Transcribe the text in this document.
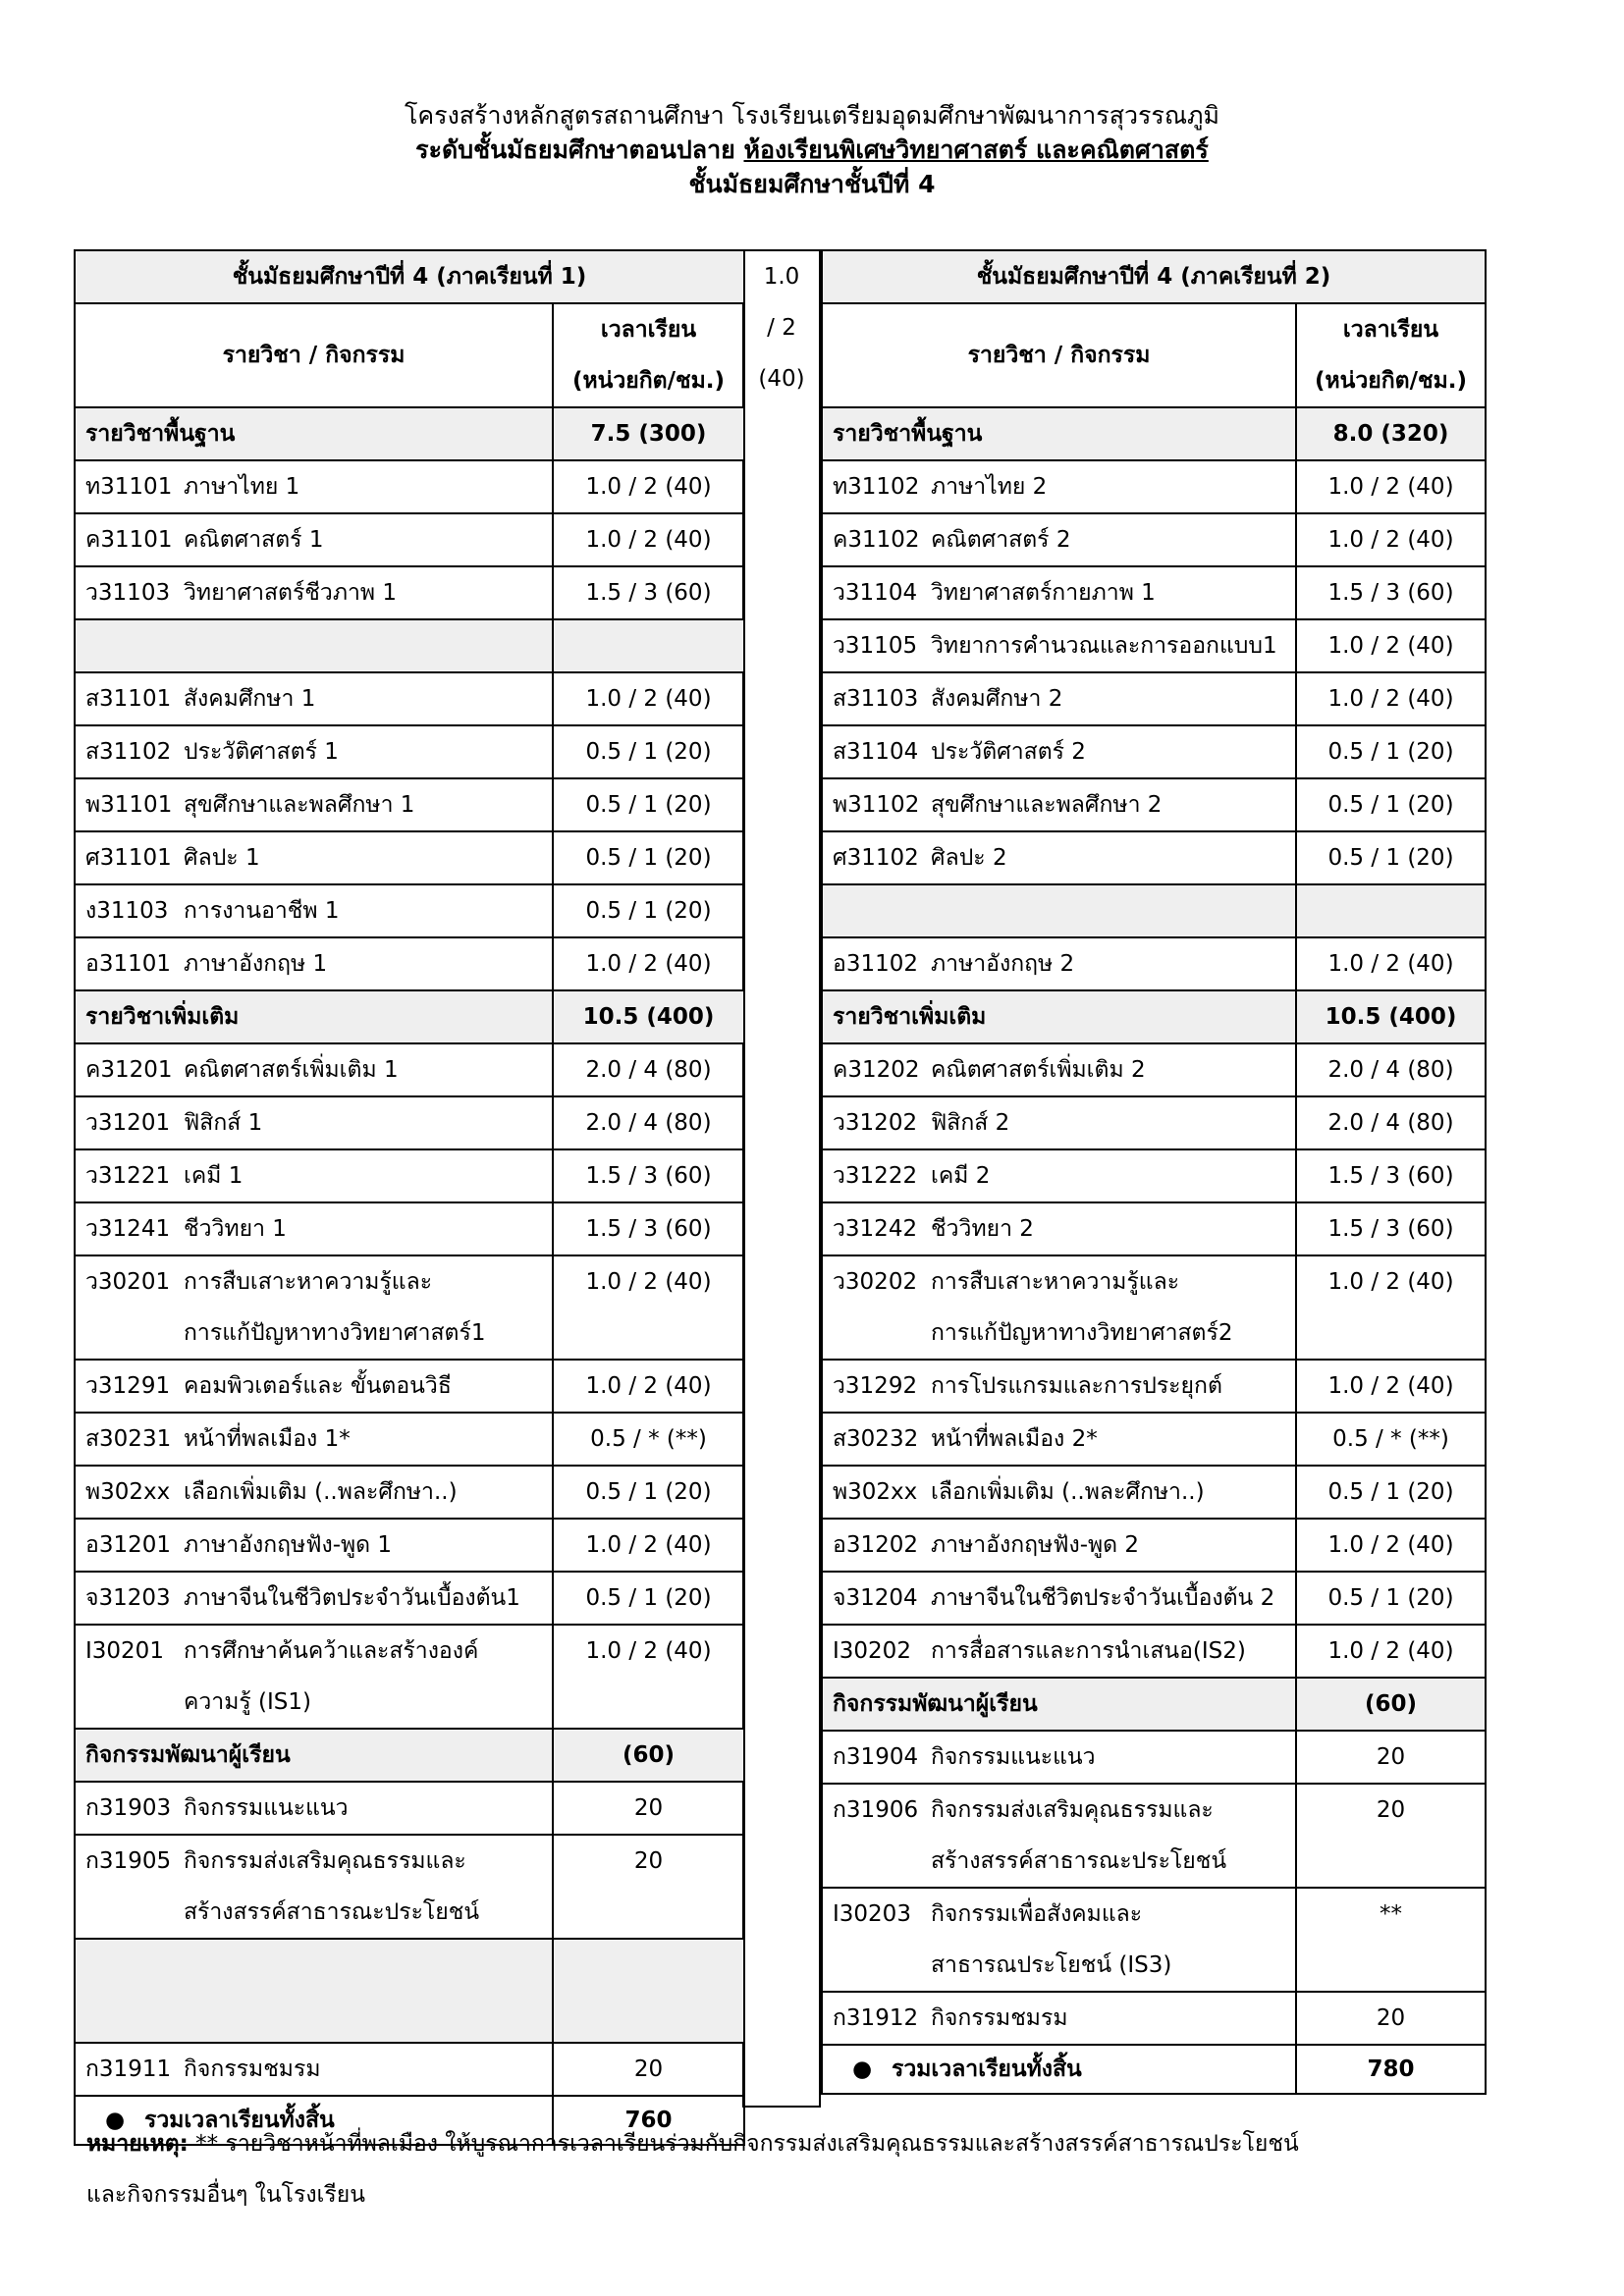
โครงสร้างหลักสูตรสถานศึกษา โรงเรียนเตรียมอุดมศึกษาพัฒนาการสุวรรณภูมิ
ระดับชั้นมัธยมศึกษาตอนปลาย ห้องเรียนพิเศษวิทยาศาสตร์ และคณิตศาสตร์
ชั้นมัธยมศึกษาชั้นปีที่ 4
1.0
/ 2
(40)
ชั้นมัธยมศึกษาปีที่ 4 (ภาคเรียนที่ 1)	
รายวิชา / กิจกรรม	เวลาเรียน
(หน่วยกิต/ชม.)
รายวิชาพื้นฐาน	7.5 (300)
ท31101 ภาษาไทย 1	1.0 / 2 (40)
ค31101 คณิตศาสตร์ 1	1.0 / 2 (40)
ว31103 วิทยาศาสตร์ชีวภาพ 1	1.5 / 3 (60)

ส31101 สังคมศึกษา 1	1.0 / 2 (40)
ส31102 ประวัติศาสตร์ 1	0.5 / 1 (20)
พ31101 สุขศึกษาและพลศึกษา 1	0.5 / 1 (20)
ศ31101 ศิลปะ 1	0.5 / 1 (20)
ง31103 การงานอาชีพ 1	0.5 / 1 (20)
อ31101 ภาษาอังกฤษ 1	1.0 / 2 (40)
รายวิชาเพิ่มเติม	10.5 (400)
ค31201 คณิตศาสตร์เพิ่มเติม 1	2.0 / 4 (80)
ว31201 ฟิสิกส์ 1	2.0 / 4 (80)
ว31221 เคมี 1	1.5 / 3 (60)
ว31241 ชีววิทยา 1	1.5 / 3 (60)
ว30201 การสืบเสาะหาความรู้และ
การแก้ปัญหาทางวิทยาศาสตร์1	1.0 / 2 (40)
ว31291 คอมพิวเตอร์และ ขั้นตอนวิธี	1.0 / 2 (40)
ส30231 หน้าที่พลเมือง 1*	0.5 / * (**)
พ302xx เลือกเพิ่มเติม (..พละศึกษา..)	0.5 / 1 (20)
อ31201 ภาษาอังกฤษฟัง-พูด 1	1.0 / 2 (40)
จ31203 ภาษาจีนในชีวิตประจำวันเบื้องต้น1	0.5 / 1 (20)
I30201 การศึกษาค้นคว้าและสร้างองค์
ความรู้ (IS1)	1.0 / 2 (40)
กิจกรรมพัฒนาผู้เรียน	(60)
ก31903 กิจกรรมแนะแนว	20
ก31905 กิจกรรมส่งเสริมคุณธรรมและ
สร้างสรรค์สาธารณะประโยชน์	20

ก31911 กิจกรรมชมรม	20
● รวมเวลาเรียนทั้งสิ้น	760
ชั้นมัธยมศึกษาปีที่ 4 (ภาคเรียนที่ 2)	
รายวิชา / กิจกรรม	เวลาเรียน
(หน่วยกิต/ชม.)
รายวิชาพื้นฐาน	8.0 (320)
ท31102 ภาษาไทย 2	1.0 / 2 (40)
ค31102 คณิตศาสตร์ 2	1.0 / 2 (40)
ว31104 วิทยาศาสตร์กายภาพ 1	1.5 / 3 (60)
ว31105 วิทยาการคำนวณและการออกแบบ1	1.0 / 2 (40)
ส31103 สังคมศึกษา 2	1.0 / 2 (40)
ส31104 ประวัติศาสตร์ 2	0.5 / 1 (20)
พ31102 สุขศึกษาและพลศึกษา 2	0.5 / 1 (20)
ศ31102 ศิลปะ 2	0.5 / 1 (20)

อ31102 ภาษาอังกฤษ 2	1.0 / 2 (40)
รายวิชาเพิ่มเติม	10.5 (400)
ค31202 คณิตศาสตร์เพิ่มเติม 2	2.0 / 4 (80)
ว31202 ฟิสิกส์ 2	2.0 / 4 (80)
ว31222 เคมี 2	1.5 / 3 (60)
ว31242 ชีววิทยา 2	1.5 / 3 (60)
ว30202 การสืบเสาะหาความรู้และ
การแก้ปัญหาทางวิทยาศาสตร์2	1.0 / 2 (40)
ว31292 การโปรแกรมและการประยุกต์	1.0 / 2 (40)
ส30232 หน้าที่พลเมือง 2*	0.5 / * (**)
พ302xx เลือกเพิ่มเติม (..พละศึกษา..)	0.5 / 1 (20)
อ31202 ภาษาอังกฤษฟัง-พูด 2	1.0 / 2 (40)
จ31204 ภาษาจีนในชีวิตประจำวันเบื้องต้น 2	0.5 / 1 (20)
I30202 การสื่อสารและการนำเสนอ(IS2)	1.0 / 2 (40)
กิจกรรมพัฒนาผู้เรียน	(60)
ก31904 กิจกรรมแนะแนว	20
ก31906 กิจกรรมส่งเสริมคุณธรรมและ
สร้างสรรค์สาธารณะประโยชน์	20
I30203 กิจกรรมเพื่อสังคมและ
สาธารณประโยชน์ (IS3)	**
ก31912 กิจกรรมชมรม	20
● รวมเวลาเรียนทั้งสิ้น	780
หมายเหตุ: ** รายวิชาหน้าที่พลเมือง ให้บูรณาการเวลาเรียนร่วมกับกิจกรรมส่งเสริมคุณธรรมและสร้างสรรค์สาธารณประโยชน์
และกิจกรรมอื่นๆ ในโรงเรียน
